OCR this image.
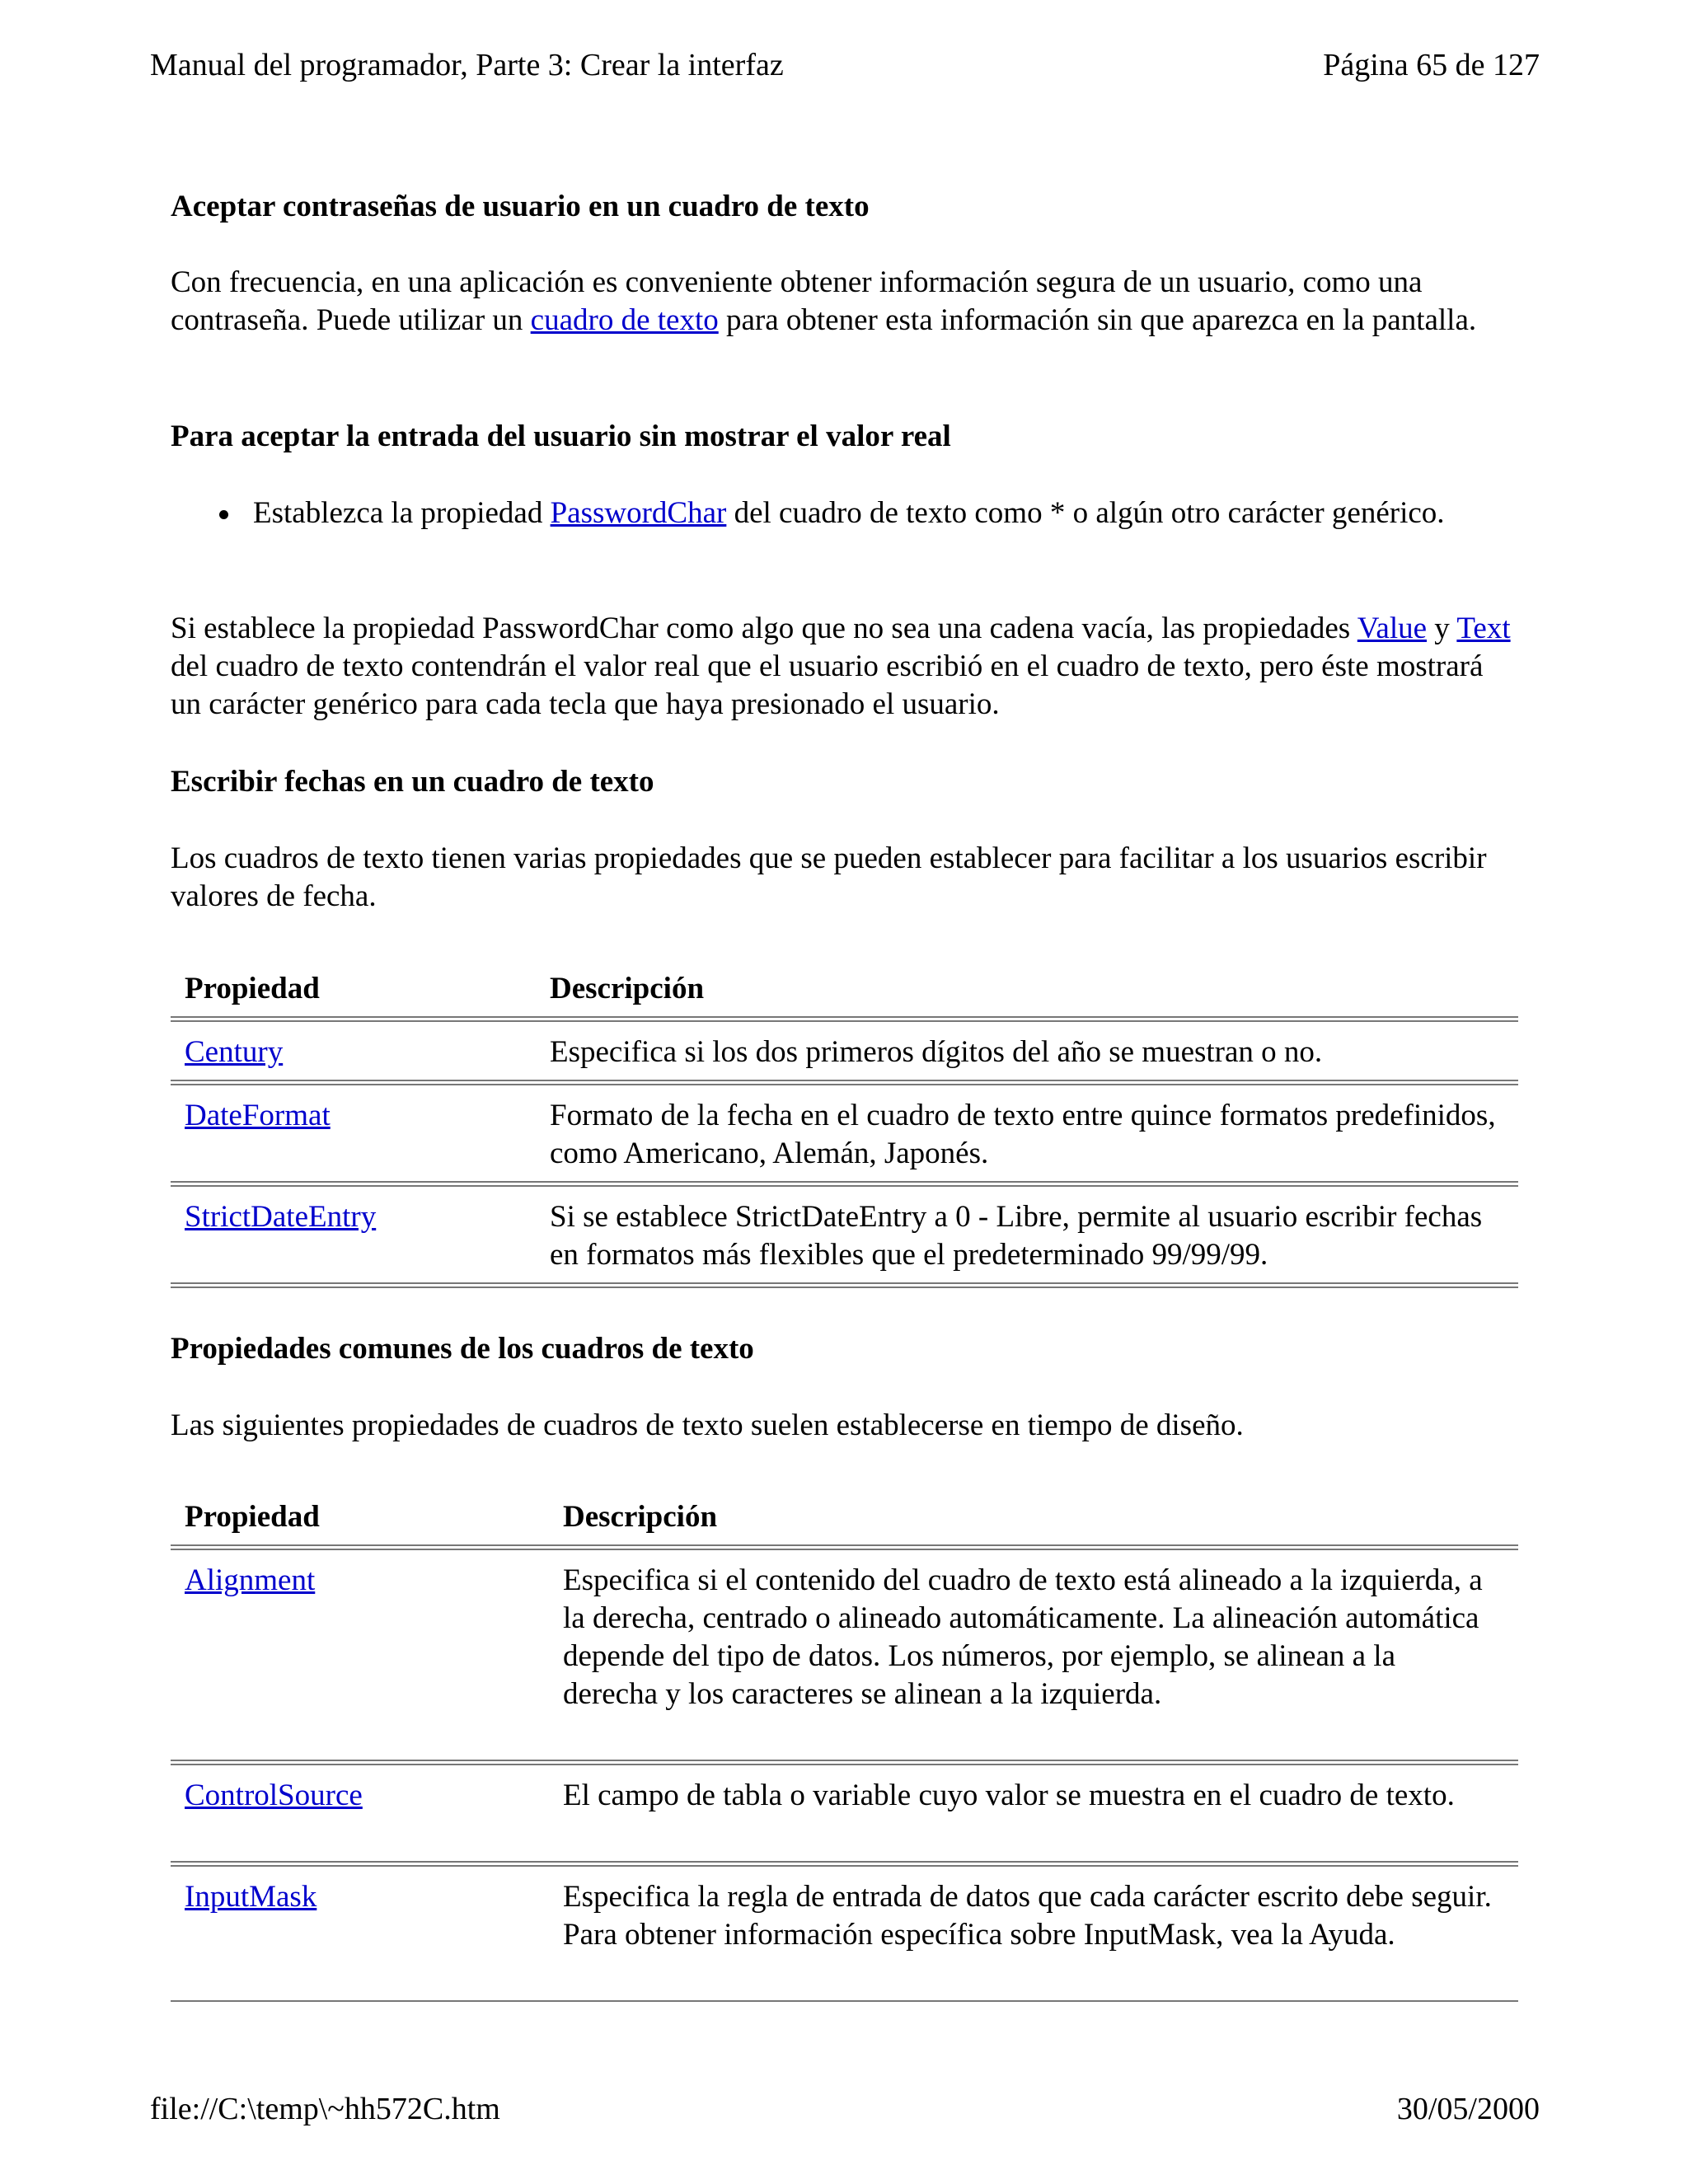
Manual del programador, Parte 3: Crear la interfaz	Página 65 de 127

Aceptar contraseñas de usuario en un cuadro de texto

Con frecuencia, en una aplicación es conveniente obtener información segura de un usuario, como una contraseña. Puede utilizar un cuadro de texto para obtener esta información sin que aparezca en la pantalla.

Para aceptar la entrada del usuario sin mostrar el valor real

Establezca la propiedad PasswordChar del cuadro de texto como * o algún otro carácter genérico.

Si establece la propiedad PasswordChar como algo que no sea una cadena vacía, las propiedades Value y Text del cuadro de texto contendrán el valor real que el usuario escribió en el cuadro de texto, pero éste mostrará un carácter genérico para cada tecla que haya presionado el usuario.

Escribir fechas en un cuadro de texto

Los cuadros de texto tienen varias propiedades que se pueden establecer para facilitar a los usuarios escribir valores de fecha.

Propiedad	Descripción
Century	Especifica si los dos primeros dígitos del año se muestran o no.
DateFormat	Formato de la fecha en el cuadro de texto entre quince formatos predefinidos, como Americano, Alemán, Japonés.
StrictDateEntry	Si se establece StrictDateEntry a 0 - Libre, permite al usuario escribir fechas en formatos más flexibles que el predeterminado 99/99/99.

Propiedades comunes de los cuadros de texto

Las siguientes propiedades de cuadros de texto suelen establecerse en tiempo de diseño.

Propiedad	Descripción
Alignment	Especifica si el contenido del cuadro de texto está alineado a la izquierda, a la derecha, centrado o alineado automáticamente. La alineación automática depende del tipo de datos. Los números, por ejemplo, se alinean a la derecha y los caracteres se alinean a la izquierda.
ControlSource	El campo de tabla o variable cuyo valor se muestra en el cuadro de texto.
InputMask	Especifica la regla de entrada de datos que cada carácter escrito debe seguir. Para obtener información específica sobre InputMask, vea la Ayuda.
file://C:\temp\~hh572C.htm	30/05/2000
